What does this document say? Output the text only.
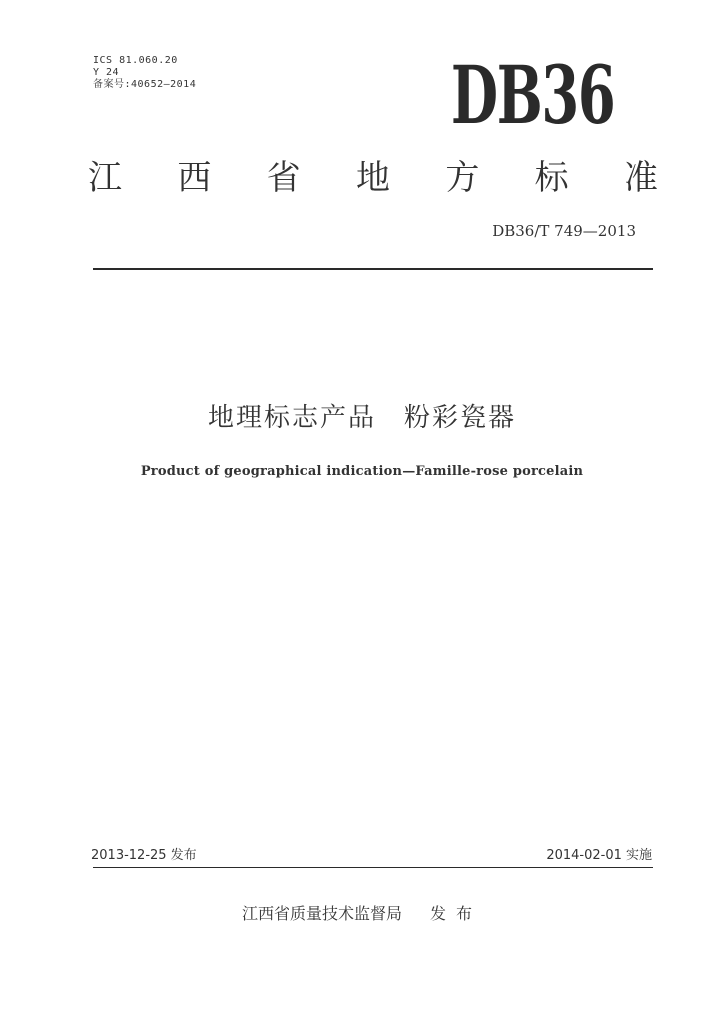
ICS 81.060.20
Y 24
备案号:40652—2014	DB36
江 西 省 地 方 标 准
DB36/T 749—2013
地理标志产品 粉彩瓷器
Product of geographical indication—Famille-rose porcelain
2013-12-25 发布	2014-02-01 实施
江西省质量技术监督局 发布
